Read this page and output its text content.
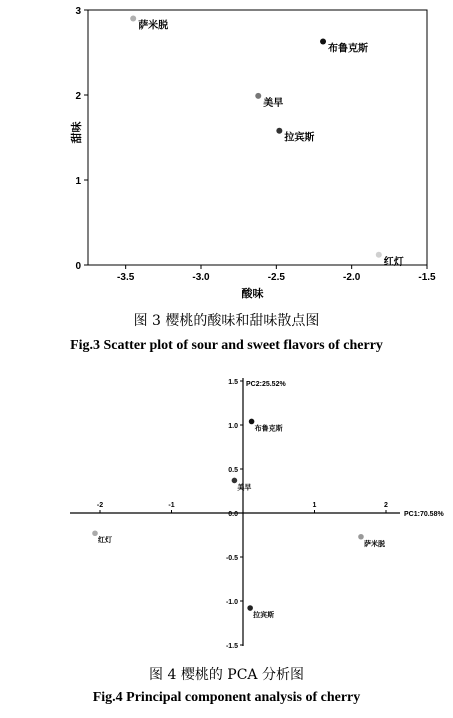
-3.5	-3.0	-2.5	-2.0	-1.5
0
1
2
3
酸味
甜味
萨米脱
布鲁克斯
美早
拉宾斯
红灯
图 3 樱桃的酸味和甜味散点图
Fig.3 Scatter plot of sour and sweet flavors of cherry
-2	-1	1	2
1.5
1.0
0.5
0.0
-0.5
-1.0
-1.5
PC1:70.58%
PC2:25.52%
布鲁克斯
美早
萨米脱
红灯
拉宾斯
图 4 樱桃的 PCA 分析图
Fig.4 Principal component analysis of cherry
